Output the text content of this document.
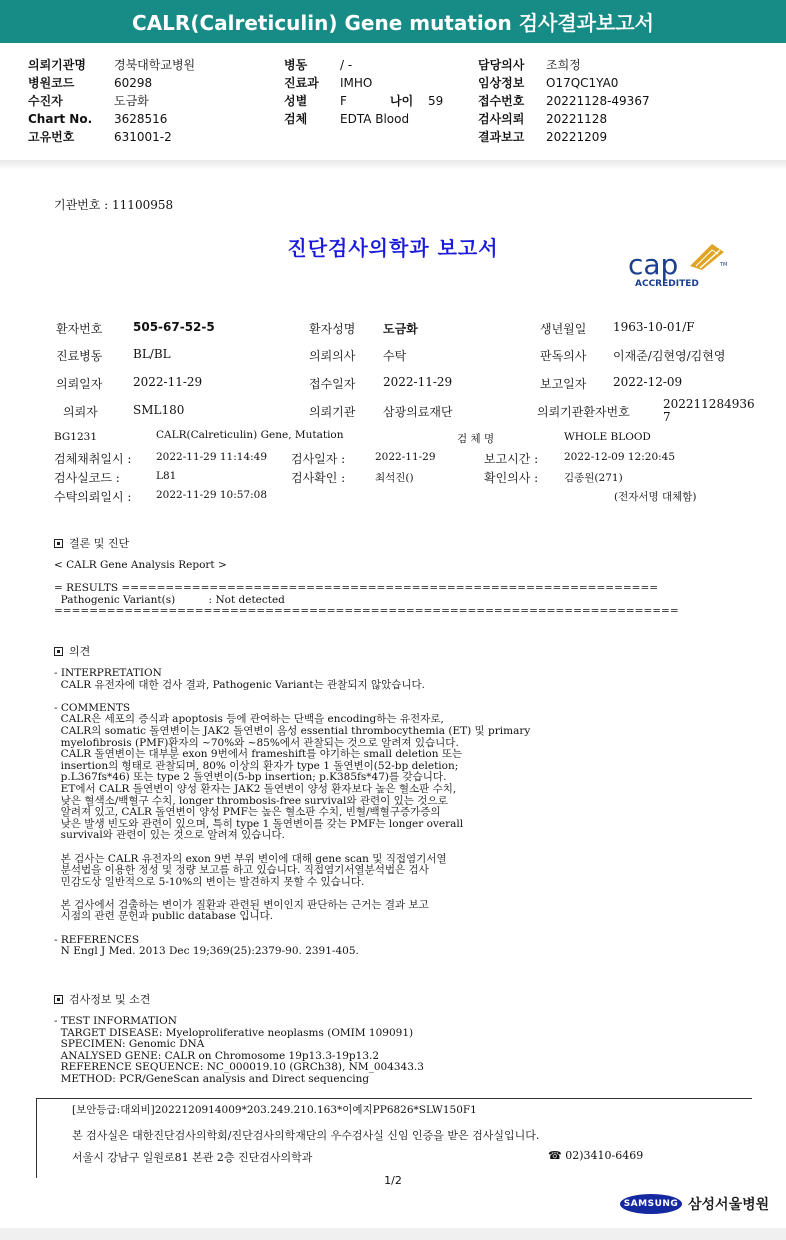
CALR(Calreticulin) Gene mutation 검사결과보고서
의뢰기관명	경북대학교병원
병원코드	60298
수진자	도금화
Chart No.	3628516
고유번호	631001-2
병동	/ -
진료과	IMHO
성별	F	나이	59
검체	EDTA Blood
담당의사	조희정
임상정보	O17QC1YA0
접수번호	20221128-49367
검사의뢰	20221128
결과보고	20221209
기관번호 : 11100958
진단검사의학과 보고서	cap	TM
ACCREDITED
환자번호	505-67-52-5	환자성명 도금화	생년월일 1963-10-01/F
진료병동	BL/BL	의뢰의사 수탁	판독의사 이재준/김현영/김현영
의뢰일자	2022-11-29	접수일자 2022-11-29	보고일자 2022-12-09
의뢰자	SML180	의뢰기관 삼광의료재단	의뢰기관환자번호
202211284936
7
BG1231	CALR(Calreticulin) Gene, Mutation	검 체 명	WHOLE BLOOD
검체채취일시 : 2022-11-29 11:14:49 검사일자 :	2022-11-29	보고시간 : 2022-12-09 12:20:45
검사실코드 :	L81	검사확인 :	최석진()	확인의사 : 김종원(271)
수탁의뢰일시 : 2022-11-29 10:57:08	(전자서명 대체함)
결론 및 진단
< CALR Gene Analysis Report >

= RESULTS =============================================================
Pathogenic Variant(s)          : Not detected
=======================================================================
의견
- INTERPRETATION
CALR 유전자에 대한 검사 결과, Pathogenic Variant는 관찰되지 않았습니다.

- COMMENTS
CALR은 세포의 증식과 apoptosis 등에 관여하는 단백을 encoding하는 유전자로,
CALR의 somatic 돌연변이는 JAK2 돌연변이 음성 essential thrombocythemia (ET) 및 primary
myelofibrosis (PMF)환자의 ~70%와 ~85%에서 관찰되는 것으로 알려져 있습니다.
CALR 돌연변이는 대부분 exon 9번에서 frameshift를 야기하는 small deletion 또는
insertion의 형태로 관찰되며, 80% 이상의 환자가 type 1 돌연변이(52-bp deletion;
p.L367fs*46) 또는 type 2 돌연변이(5-bp insertion; p.K385fs*47)를 갖습니다.
ET에서 CALR 돌연변이 양성 환자는 JAK2 돌연변이 양성 환자보다 높은 혈소판 수치,
낮은 혈색소/백혈구 수치, longer thrombosis-free survival와 관련이 있는 것으로
알려져 있고, CALR 돌연변이 양성 PMF는 높은 혈소판 수치, 빈혈/백혈구증가증의
낮은 발생 빈도와 관련이 있으며, 특히 type 1 돌연변이를 갖는 PMF는 longer overall
survival와 관련이 있는 것으로 알려져 있습니다.

본 검사는 CALR 유전자의 exon 9번 부위 변이에 대해 gene scan 및 직접염기서열
분석법을 이용한 정성 및 정량 보고를 하고 있습니다. 직접염기서열분석법은 검사
민감도상 일반적으로 5-10%의 변이는 발견하지 못할 수 있습니다.

본 검사에서 검출하는 변이가 질환과 관련된 변이인지 판단하는 근거는 결과 보고
시점의 관련 문헌과 public database 입니다.

- REFERENCES
N Engl J Med. 2013 Dec 19;369(25):2379-90. 2391-405.
검사정보 및 소견
- TEST INFORMATION
TARGET DISEASE: Myeloproliferative neoplasms (OMIM 109091)
SPECIMEN: Genomic DNA
ANALYSED GENE: CALR on Chromosome 19p13.3-19p13.2
REFERENCE SEQUENCE: NC_000019.10 (GRCh38), NM_004343.3
METHOD: PCR/GeneScan analysis and Direct sequencing
[보안등급:대외비]2022120914009*203.249.210.163*이예지PP6826*SLW150F1
본 검사실은 대한진단검사의학회/진단검사의학재단의 우수검사실 신임 인증을 받은 검사실입니다.
서울시 강남구 일원로81 본관 2층 진단검사의학과	☎ 02)3410-6469
1/2
SAMSUNG 삼성서울병원
